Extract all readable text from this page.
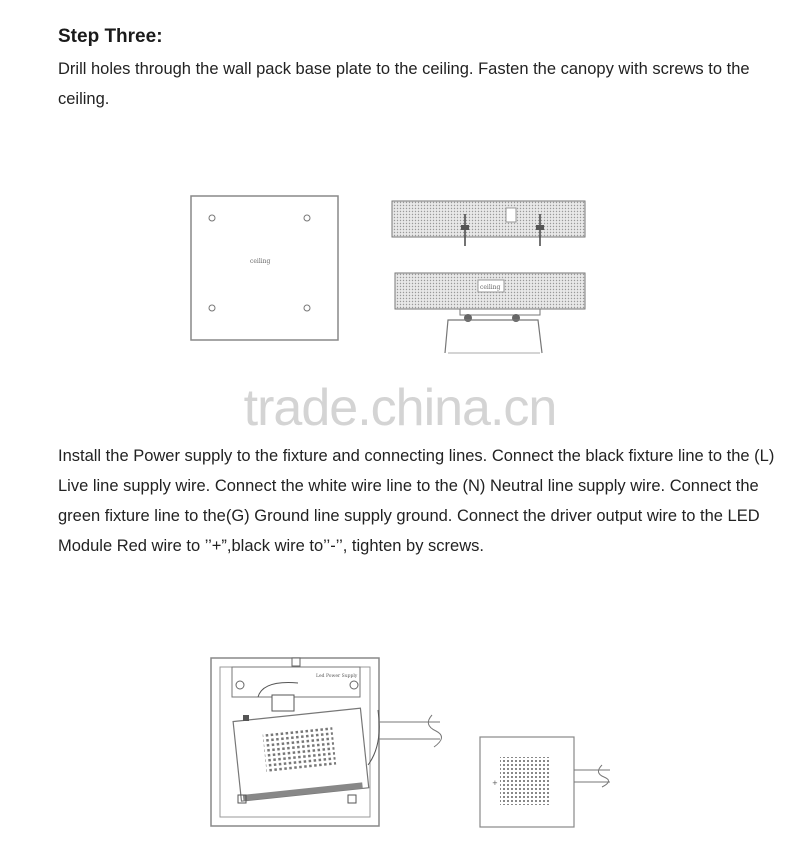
Step Three:

Drill holes through the wall pack base plate to the ceiling. Fasten the canopy with screws to the ceiling.

ceiling
ceiling
trade.china.cn

Install the Power supply to the fixture and connecting lines. Connect the black fixture line to the (L) Live line supply wire. Connect the white wire line to the (N) Neutral line supply wire. Connect the green fixture line to the(G) Ground line supply ground. Connect the driver output wire to the LED Module Red wire to ’’+”,black wire to’’-’’, tighten by screws.

Led Power Supply
+
